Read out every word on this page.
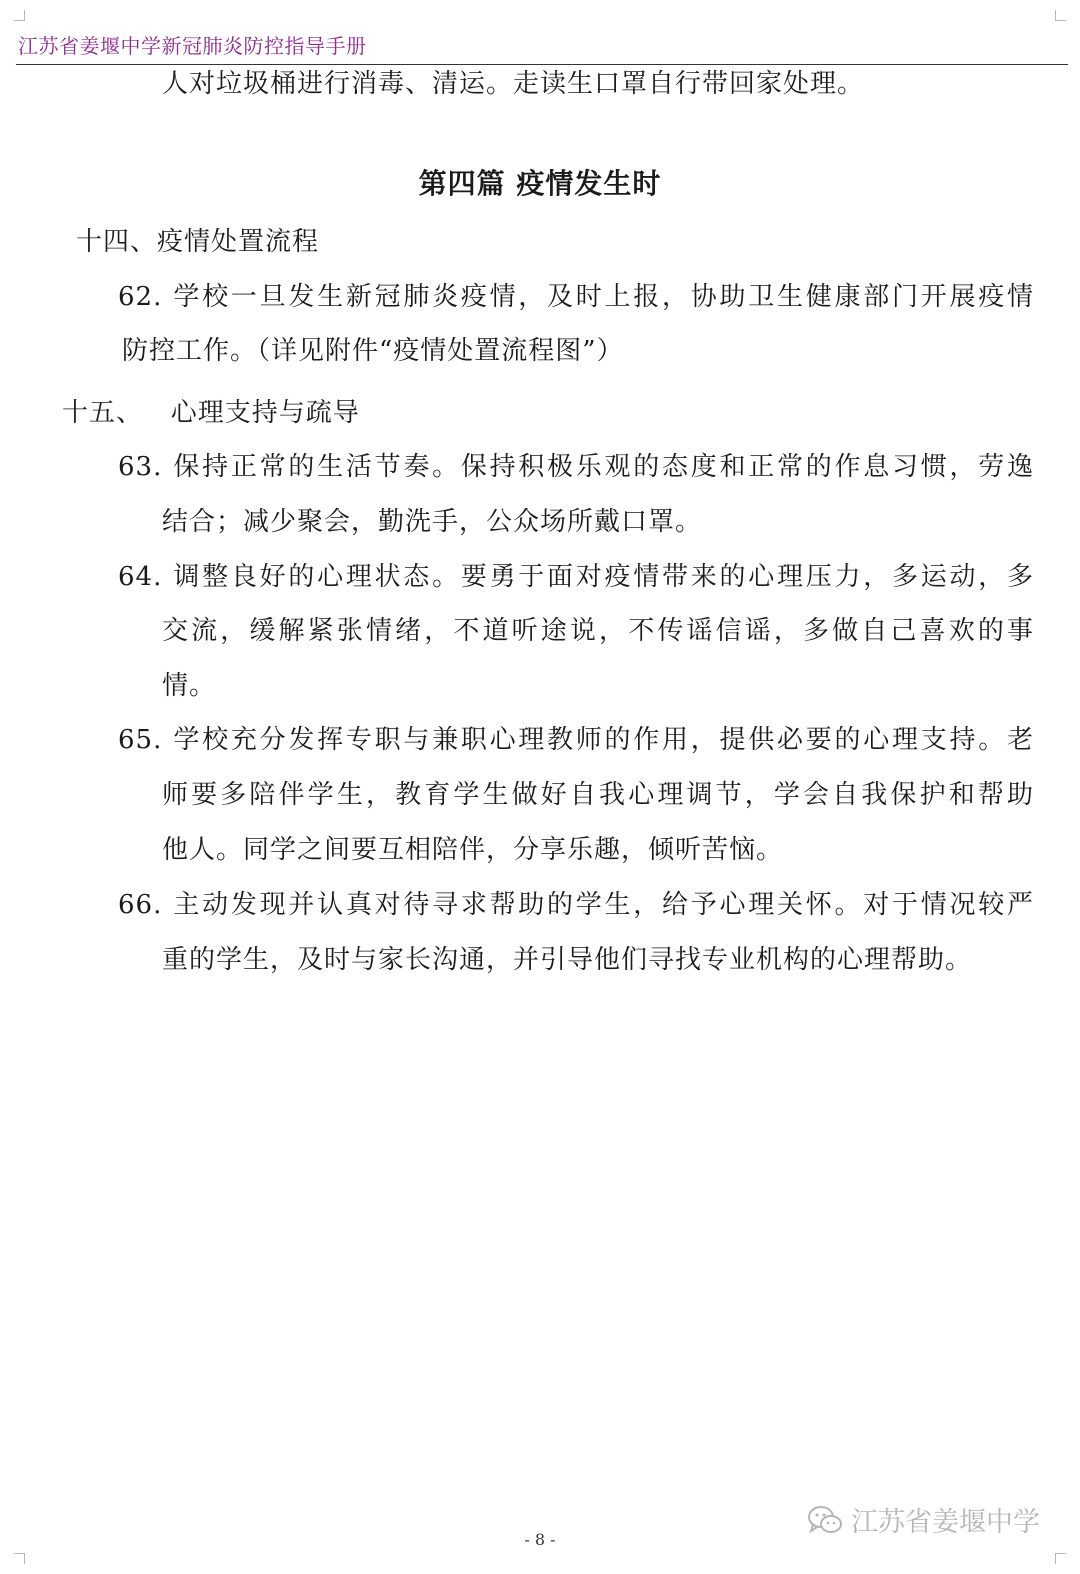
江苏省姜堰中学新冠肺炎防控指导手册
人对垃圾桶进行消毒、清运。走读生口罩自行带回家处理。
第四篇 疫情发生时
十四、疫情处置流程
62. 学校一旦发生新冠肺炎疫情，及时上报，协助卫生健康部门开展疫情
防控工作。（详见附件“疫情处置流程图”）
十五、   心理支持与疏导
63. 保持正常的生活节奏。保持积极乐观的态度和正常的作息习惯，劳逸
结合；减少聚会，勤洗手，公众场所戴口罩。
64. 调整良好的心理状态。要勇于面对疫情带来的心理压力，多运动，多
交流，缓解紧张情绪，不道听途说，不传谣信谣，多做自己喜欢的事
情。
65. 学校充分发挥专职与兼职心理教师的作用，提供必要的心理支持。老
师要多陪伴学生，教育学生做好自我心理调节，学会自我保护和帮助
他人。同学之间要互相陪伴，分享乐趣，倾听苦恼。
66. 主动发现并认真对待寻求帮助的学生，给予心理关怀。对于情况较严
重的学生，及时与家长沟通，并引导他们寻找专业机构的心理帮助。
- 8 -
江苏省姜堰中学
